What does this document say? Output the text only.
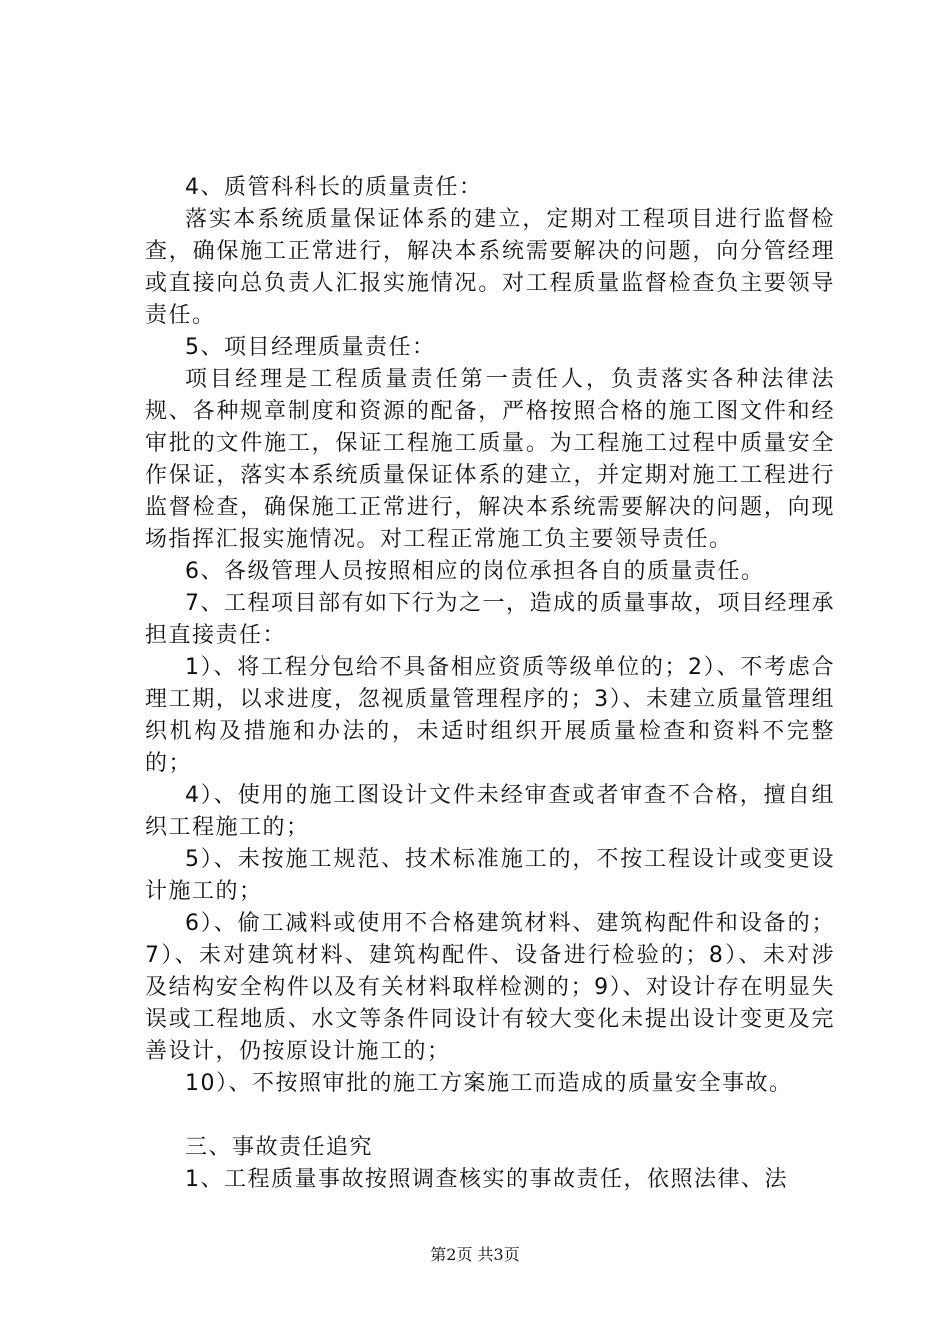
4、质管科科长的质量责任：

落实本系统质量保证体系的建立，定期对工程项目进行监督检查，确保施工正常进行，解决本系统需要解决的问题，向分管经理或直接向总负责人汇报实施情况。对工程质量监督检查负主要领导责任。

5、项目经理质量责任：

项目经理是工程质量责任第一责任人，负责落实各种法律法规、各种规章制度和资源的配备，严格按照合格的施工图文件和经审批的文件施工，保证工程施工质量。为工程施工过程中质量安全作保证，落实本系统质量保证体系的建立，并定期对施工工程进行监督检查，确保施工正常进行，解决本系统需要解决的问题，向现场指挥汇报实施情况。对工程正常施工负主要领导责任。

6、各级管理人员按照相应的岗位承担各自的质量责任。

7、工程项目部有如下行为之一，造成的质量事故，项目经理承担直接责任：

1）、将工程分包给不具备相应资质等级单位的；2）、不考虑合理工期，以求进度，忽视质量管理程序的；3）、未建立质量管理组织机构及措施和办法的，未适时组织开展质量检查和资料不完整的；

4）、使用的施工图设计文件未经审查或者审查不合格，擅自组织工程施工的；

5）、未按施工规范、技术标准施工的，不按工程设计或变更设计施工的；

6）、偷工减料或使用不合格建筑材料、建筑构配件和设备的；7）、未对建筑材料、建筑构配件、设备进行检验的；8）、未对涉及结构安全构件以及有关材料取样检测的；9）、对设计存在明显失误或工程地质、水文等条件同设计有较大变化未提出设计变更及完善设计，仍按原设计施工的；

10）、不按照审批的施工方案施工而造成的质量安全事故。

三、事故责任追究

1、工程质量事故按照调查核实的事故责任，依照法律、法

第2页 共3页
